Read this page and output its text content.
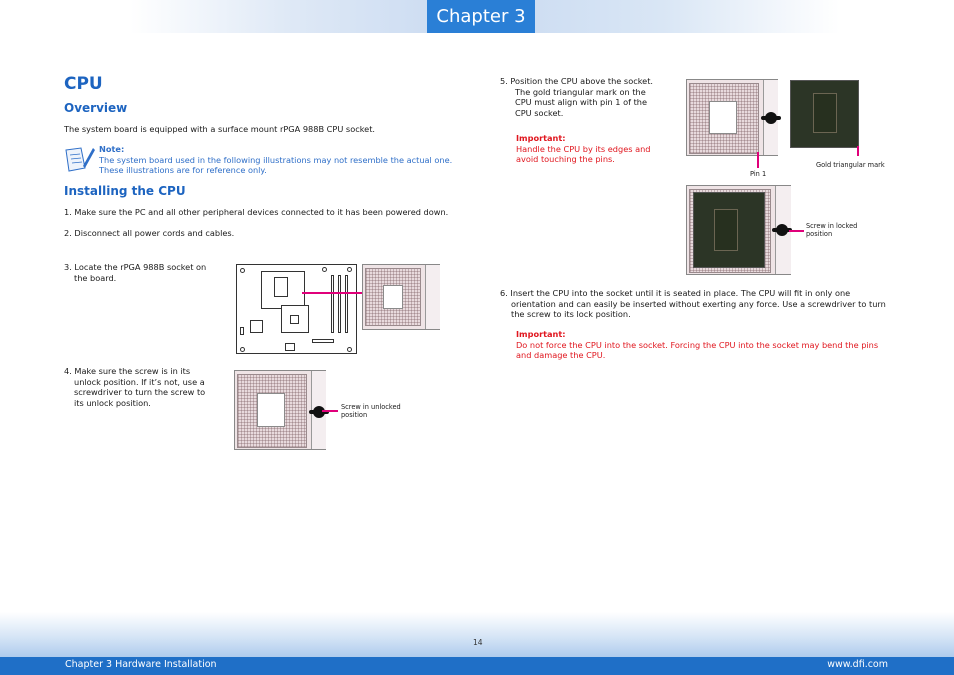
Chapter 3
CPU
Overview
The system board is equipped with a surface mount rPGA 988B CPU socket.
Note:
The system board used in the following illustrations may not resemble the actual one.
These illustrations are for reference only.
Installing the CPU
1. Make sure the PC and all other peripheral devices connected to it has been powered down.
2. Disconnect all power cords and cables.
3. Locate the rPGA 988B socket on
the board.
4. Make sure the screw is in its
unlock position. If it’s not, use a
screwdriver to turn the screw to
its unlock position.	Screw in unlocked
position
5. Position the CPU above the socket.
The gold triangular mark on the
CPU must align with pin 1 of the
CPU socket.
Important:
Handle the CPU by its edges and
avoid touching the pins.
Pin 1
Gold triangular mark
Screw in locked
position
6. Insert the CPU into the socket until it is seated in place. The CPU will fit in only one
orientation and can easily be inserted without exerting any force. Use a screwdriver to turn
the screw to its lock position.
Important:
Do not force the CPU into the socket. Forcing the CPU into the socket may bend the pins
and damage the CPU.
14
Chapter 3 Hardware Installation	www.dfi.com
